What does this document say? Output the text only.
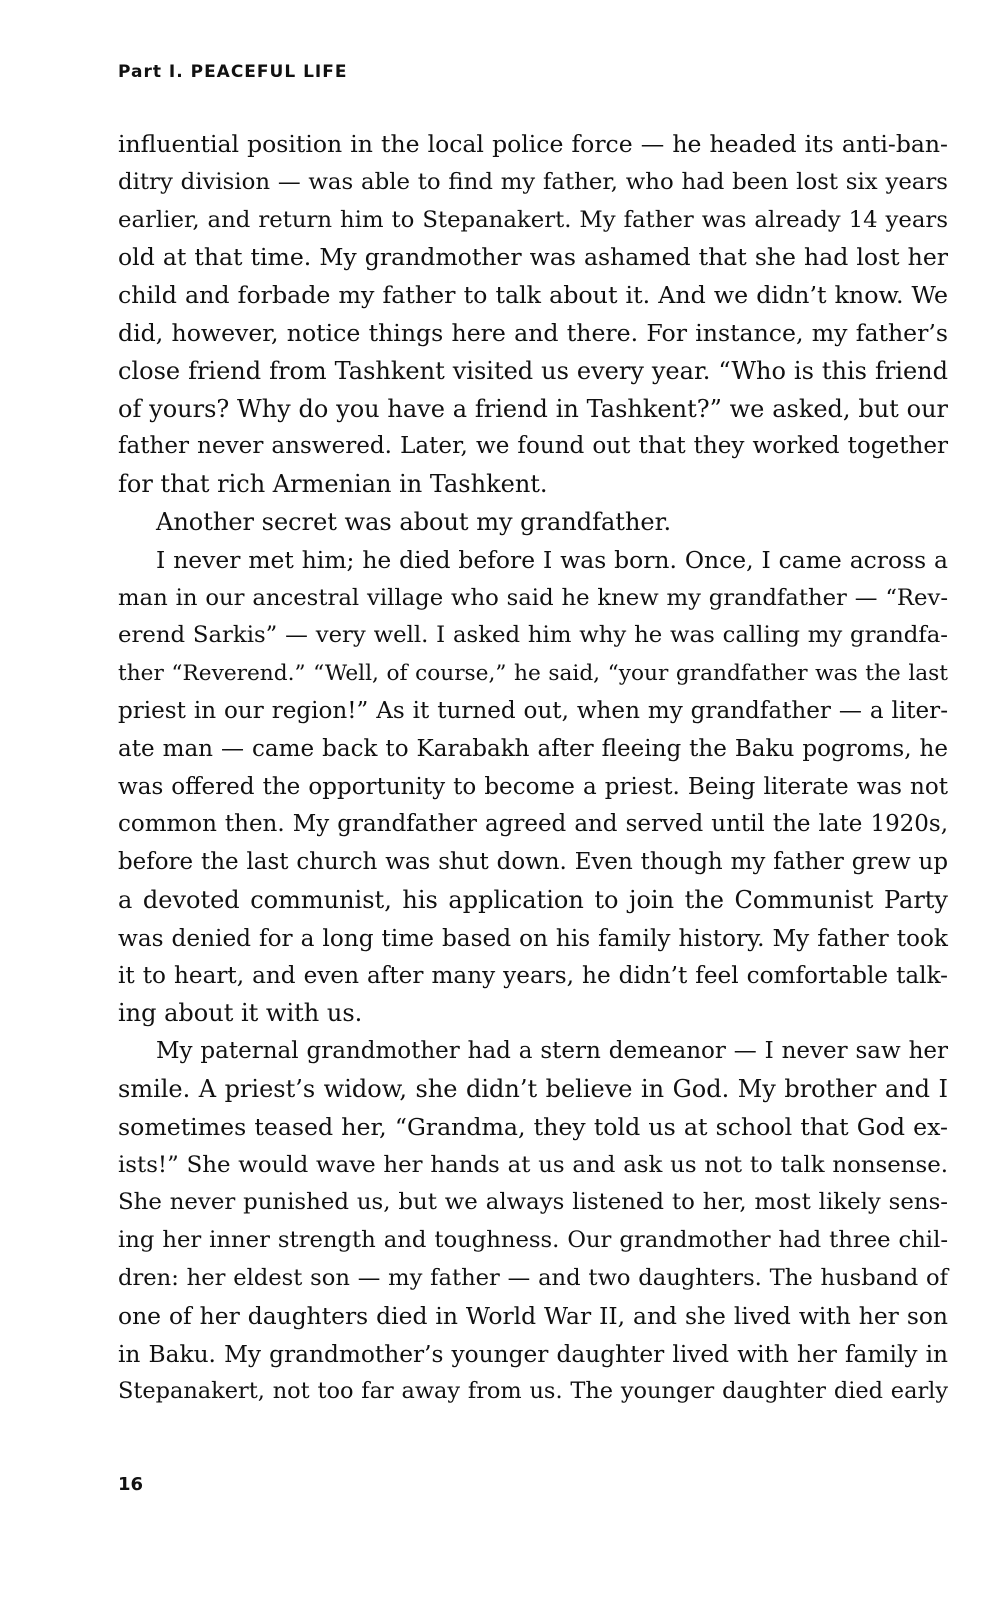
Part I. PEACEFUL LIFE
influential position in the local police force — he headed its anti-ban-
ditry division — was able to find my father, who had been lost six years
earlier, and return him to Stepanakert. My father was already 14 years
old at that time. My grandmother was ashamed that she had lost her
child and forbade my father to talk about it. And we didn’t know. We
did, however, notice things here and there. For instance, my father’s
close friend from Tashkent visited us every year. “Who is this friend
of yours? Why do you have a friend in Tashkent?” we asked, but our
father never answered. Later, we found out that they worked together
for that rich Armenian in Tashkent.
Another secret was about my grandfather.
I never met him; he died before I was born. Once, I came across a
man in our ancestral village who said he knew my grandfather — “Rev-
erend Sarkis” — very well. I asked him why he was calling my grandfa-
ther “Reverend.” “Well, of course,” he said, “your grandfather was the last
priest in our region!” As it turned out, when my grandfather — a liter-
ate man — came back to Karabakh after fleeing the Baku pogroms, he
was offered the opportunity to become a priest. Being literate was not
common then. My grandfather agreed and served until the late 1920s,
before the last church was shut down. Even though my father grew up
a devoted communist, his application to join the Communist Party
was denied for a long time based on his family history. My father took
it to heart, and even after many years, he didn’t feel comfortable talk-
ing about it with us.
My paternal grandmother had a stern demeanor — I never saw her
smile. A priest’s widow, she didn’t believe in God. My brother and I
sometimes teased her, “Grandma, they told us at school that God ex-
ists!” She would wave her hands at us and ask us not to talk nonsense.
She never punished us, but we always listened to her, most likely sens-
ing her inner strength and toughness. Our grandmother had three chil-
dren: her eldest son — my father — and two daughters. The husband of
one of her daughters died in World War II, and she lived with her son
in Baku. My grandmother’s younger daughter lived with her family in
Stepanakert, not too far away from us. The younger daughter died early
16
